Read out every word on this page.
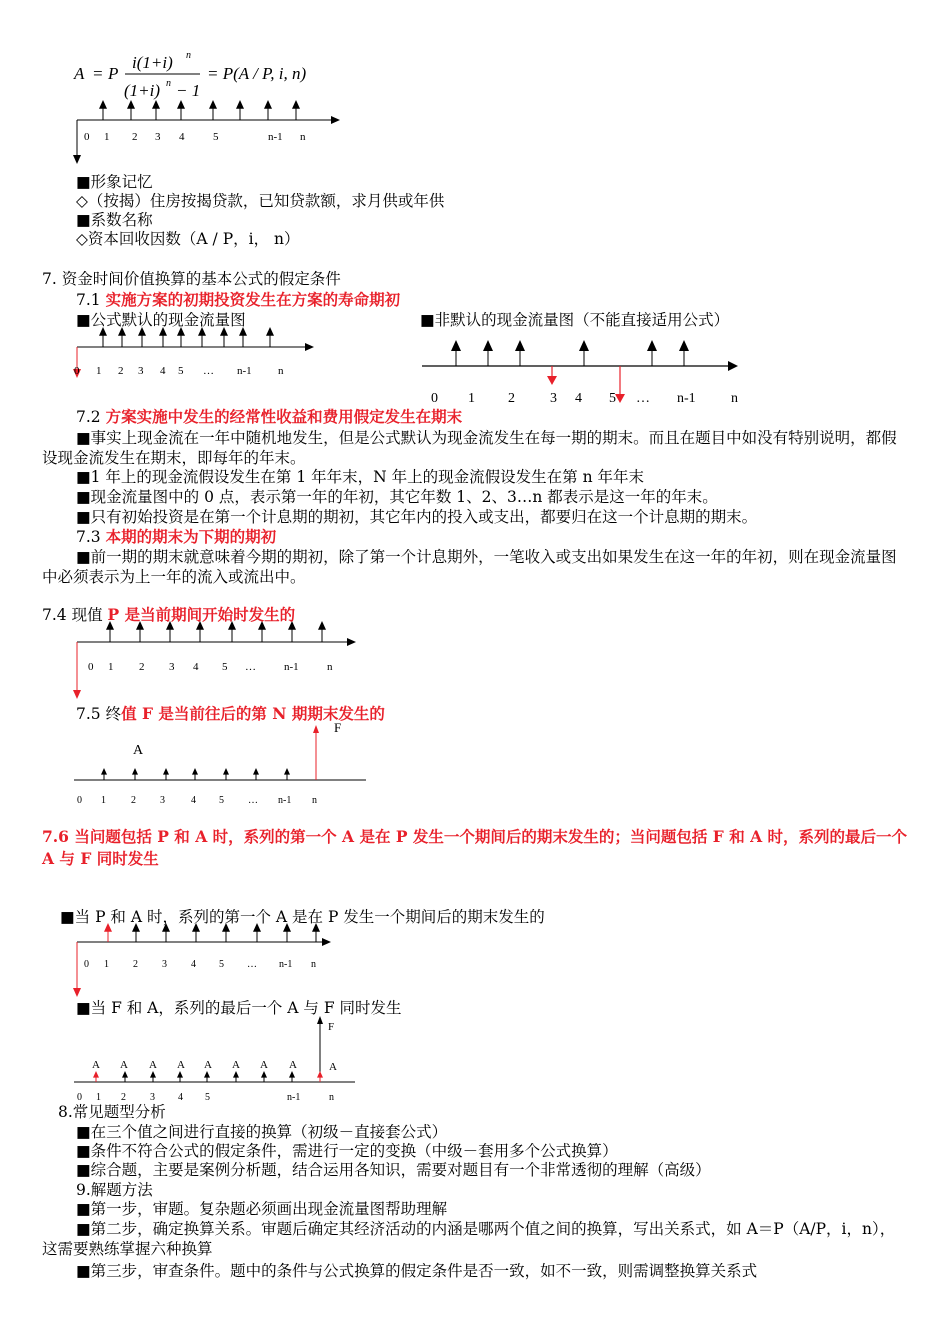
A = P
i(1+i) n
(1+i) n − 1
= P(A / P, i, n)
0 1 2 3 4	5	n-1 n
0 1 2 3 4 5 … n-1 n
0 1 2	3 4 5 … n-1	n
0 1 2 3 4 5 …	n-1	n
F
A
0 1	2 3	4 5 … n-1 n
0 1 2 3 4 5 … n-1 n
F
A
A A A A A A A A
0 1 2 3 4 5	n-1	n
■形象记忆
◇（按揭）住房按揭贷款，已知贷款额，求月供或年供
■系数名称
◇资本回收因数（A / P，i， n）
7. 资金时间价值换算的基本公式的假定条件
7.1 实施方案的初期投资发生在方案的寿命期初
■公式默认的现金流量图	■非默认的现金流量图（不能直接适用公式）
7.2 方案实施中发生的经常性收益和费用假定发生在期末
■事实上现金流在一年中随机地发生，但是公式默认为现金流发生在每一期的期末。而且在题目中如没有特别说明，都假设现金流发生在期末，即每年的年末。
■1 年上的现金流假设发生在第 1 年年末，N 年上的现金流假设发生在第 n 年年末
■现金流量图中的 0 点，表示第一年的年初，其它年数 1、2、3…n 都表示是这一年的年末。
■只有初始投资是在第一个计息期的期初，其它年内的投入或支出，都要归在这一个计息期的期末。
7.3 本期的期末为下期的期初
■前一期的期末就意味着今期的期初，除了第一个计息期外，一笔收入或支出如果发生在这一年的年初，则在现金流量图中必须表示为上一年的流入或流出中。
7.4 现值 P 是当前期间开始时发生的
7.5 终值 F 是当前往后的第 N 期期末发生的
7.6 当问题包括 P 和 A 时，系列的第一个 A 是在 P 发生一个期间后的期末发生的；当问题包括 F 和 A 时，系列的最后一个 A 与 F 同时发生
■当 P 和 A 时，系列的第一个 A 是在 P 发生一个期间后的期末发生的
■当 F 和 A，系列的最后一个 A 与 F 同时发生
8.常见题型分析
■在三个值之间进行直接的换算（初级－直接套公式）
■条件不符合公式的假定条件，需进行一定的变换（中级－套用多个公式换算）
■综合题，主要是案例分析题，结合运用各知识，需要对题目有一个非常透彻的理解（高级）
9.解题方法
■第一步，审题。复杂题必须画出现金流量图帮助理解
■第二步，确定换算关系。审题后确定其经济活动的内涵是哪两个值之间的换算，写出关系式，如 A＝P（A/P，i，n），这需要熟练掌握六种换算
■第三步，审查条件。题中的条件与公式换算的假定条件是否一致，如不一致，则需调整换算关系式
